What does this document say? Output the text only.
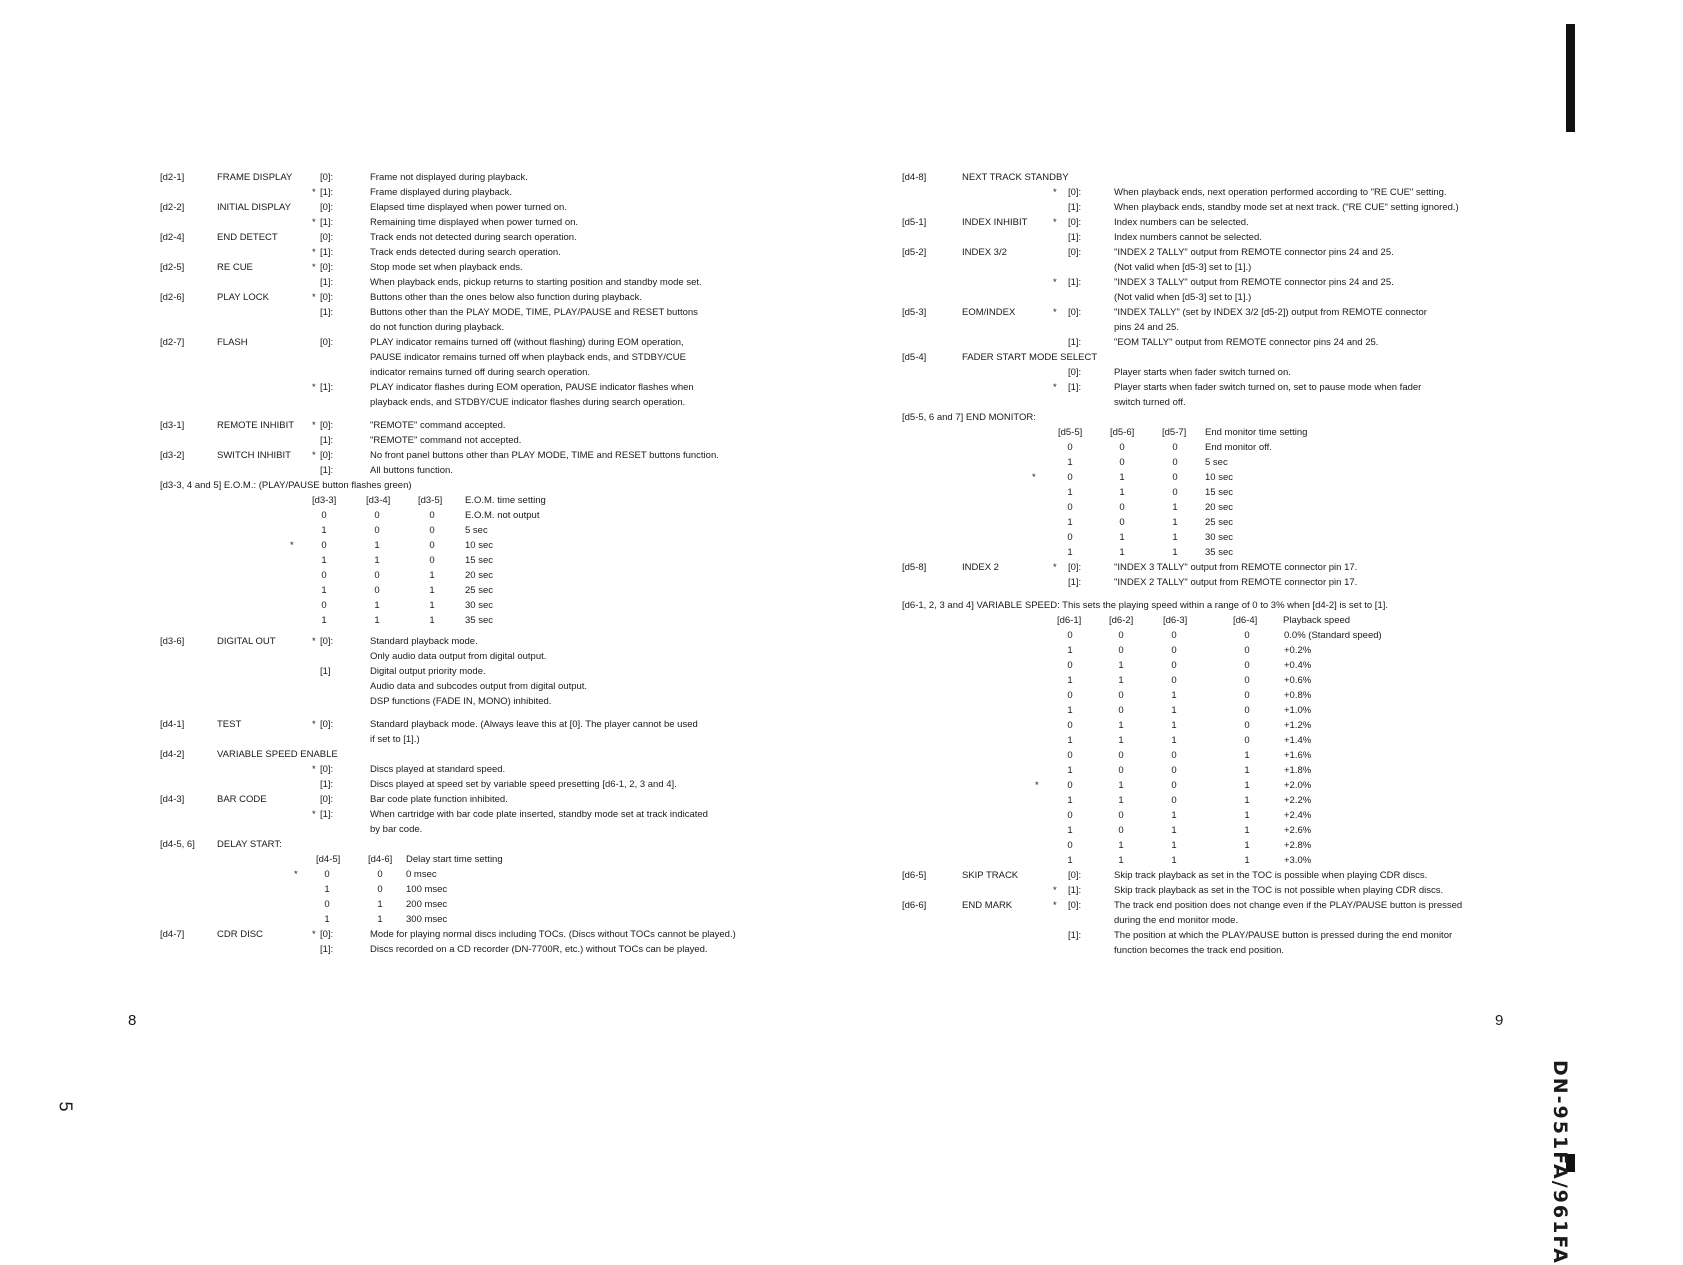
[d2-1]	FRAME DISPLAY	[0]:	Frame not displayed during playback.
* [1]:	Frame displayed during playback.
[d2-2]	INITIAL DISPLAY	[0]:	Elapsed time displayed when power turned on.
* [1]:	Remaining time displayed when power turned on.
[d2-4]	END DETECT	[0]:	Track ends not detected during search operation.
* [1]:	Track ends detected during search operation.
[d2-5]	RE CUE	* [0]:	Stop mode set when playback ends.
[1]:	When playback ends, pickup returns to starting position and standby mode set.
[d2-6]	PLAY LOCK	* [0]:	Buttons other than the ones below also function during playback.
[1]:	Buttons other than the PLAY MODE, TIME, PLAY/PAUSE and RESET buttons
do not function during playback.
[d2-7]	FLASH	[0]:	PLAY indicator remains turned off (without flashing) during EOM operation,
PAUSE indicator remains turned off when playback ends, and STDBY/CUE
indicator remains turned off during search operation.
* [1]:	PLAY indicator flashes during EOM operation, PAUSE indicator flashes when
playback ends, and STDBY/CUE indicator flashes during search operation.
[d3-1]	REMOTE INHIBIT * [0]:	"REMOTE" command accepted.
[1]:	"REMOTE" command not accepted.
[d3-2]	SWITCH INHIBIT * [0]:	No front panel buttons other than PLAY MODE, TIME and RESET buttons function.
[1]:	All buttons function.
[d3-3, 4 and 5] E.O.M.: (PLAY/PAUSE button flashes green)
[d3-3]	[d3-4]	[d3-5] E.O.M. time setting
0	0	0	E.O.M. not output
1	0	0	5 sec
*	0	1	0	10 sec
1	1	0	15 sec
0	0	1	20 sec
1	0	1	25 sec
0	1	1	30 sec
1	1	1	35 sec
[d3-6]	DIGITAL OUT	* [0]:	Standard playback mode.
Only audio data output from digital output.
[1]	Digital output priority mode.
Audio data and subcodes output from digital output.
DSP functions (FADE IN, MONO) inhibited.
[d4-1]	TEST	* [0]:	Standard playback mode. (Always leave this at [0]. The player cannot be used
if set to [1].)
[d4-2]	VARIABLE SPEED ENABLE
* [0]:	Discs played at standard speed.
[1]:	Discs played at speed set by variable speed presetting [d6-1, 2, 3 and 4].
[d4-3]	BAR CODE	[0]:	Bar code plate function inhibited.
* [1]:	When cartridge with bar code plate inserted, standby mode set at track indicated
by bar code.
[d4-5, 6] DELAY START:
[d4-5]	[d4-6] Delay start time setting
*	0	0	0 msec
1	0	100 msec
0	1	200 msec
1	1	300 msec
[d4-7]	CDR DISC	* [0]:	Mode for playing normal discs including TOCs. (Discs without TOCs cannot be played.)
[1]:	Discs recorded on a CD recorder (DN-7700R, etc.) without TOCs can be played.
[d4-8]	NEXT TRACK STANDBY
* [0]:	When playback ends, next operation performed according to "RE CUE" setting.
[1]:	When playback ends, standby mode set at next track. ("RE CUE" setting ignored.)
[d5-1]	INDEX INHIBIT	* [0]:	Index numbers can be selected.
[1]:	Index numbers cannot be selected.
[d5-2]	INDEX 3/2	[0]:	"INDEX 2 TALLY" output from REMOTE connector pins 24 and 25.
(Not valid when [d5-3] set to [1].)
* [1]:	"INDEX 3 TALLY" output from REMOTE connector pins 24 and 25.
(Not valid when [d5-3] set to [1].)
[d5-3]	EOM/INDEX	* [0]:	"INDEX TALLY" (set by INDEX 3/2 [d5-2]) output from REMOTE connector
pins 24 and 25.
[1]:	"EOM TALLY" output from REMOTE connector pins 24 and 25.
[d5-4]	FADER START MODE SELECT
[0]:	Player starts when fader switch turned on.
* [1]:	Player starts when fader switch turned on, set to pause mode when fader
switch turned off.
[d5-5, 6 and 7] END MONITOR:
[d5-5]	[d5-6]	[d5-7] End monitor time setting
0	0	0	End monitor off.
1	0	0	5 sec
*	0	1	0	10 sec
1	1	0	15 sec
0	0	1	20 sec
1	0	1	25 sec
0	1	1	30 sec
1	1	1	35 sec
[d5-8]	INDEX 2	* [0]:	"INDEX 3 TALLY" output from REMOTE connector pin 17.
[1]:	"INDEX 2 TALLY" output from REMOTE connector pin 17.
[d6-1, 2, 3 and 4] VARIABLE SPEED: This sets the playing speed within a range of 0 to 3% when [d4-2] is set to [1].
[d6-1]	[d6-2]	[d6-3]	[d6-4]	Playback speed
0	0	0	0	0.0% (Standard speed)
1	0	0	0	+0.2%
0	1	0	0	+0.4%
1	1	0	0	+0.6%
0	0	1	0	+0.8%
1	0	1	0	+1.0%
0	1	1	0	+1.2%
1	1	1	0	+1.4%
0	0	0	1	+1.6%
1	0	0	1	+1.8%
*	0	1	0	1	+2.0%
1	1	0	1	+2.2%
0	0	1	1	+2.4%
1	0	1	1	+2.6%
0	1	1	1	+2.8%
1	1	1	1	+3.0%
[d6-5]	SKIP TRACK	[0]:	Skip track playback as set in the TOC is possible when playing CDR discs.
* [1]:	Skip track playback as set in the TOC is not possible when playing CDR discs.
[d6-6]	END MARK	* [0]:	The track end position does not change even if the PLAY/PAUSE button is pressed
during the end monitor mode.
[1]:	The position at which the PLAY/PAUSE button is pressed during the end monitor
function becomes the track end position.
8	9
5	DN-951FA/961FA
